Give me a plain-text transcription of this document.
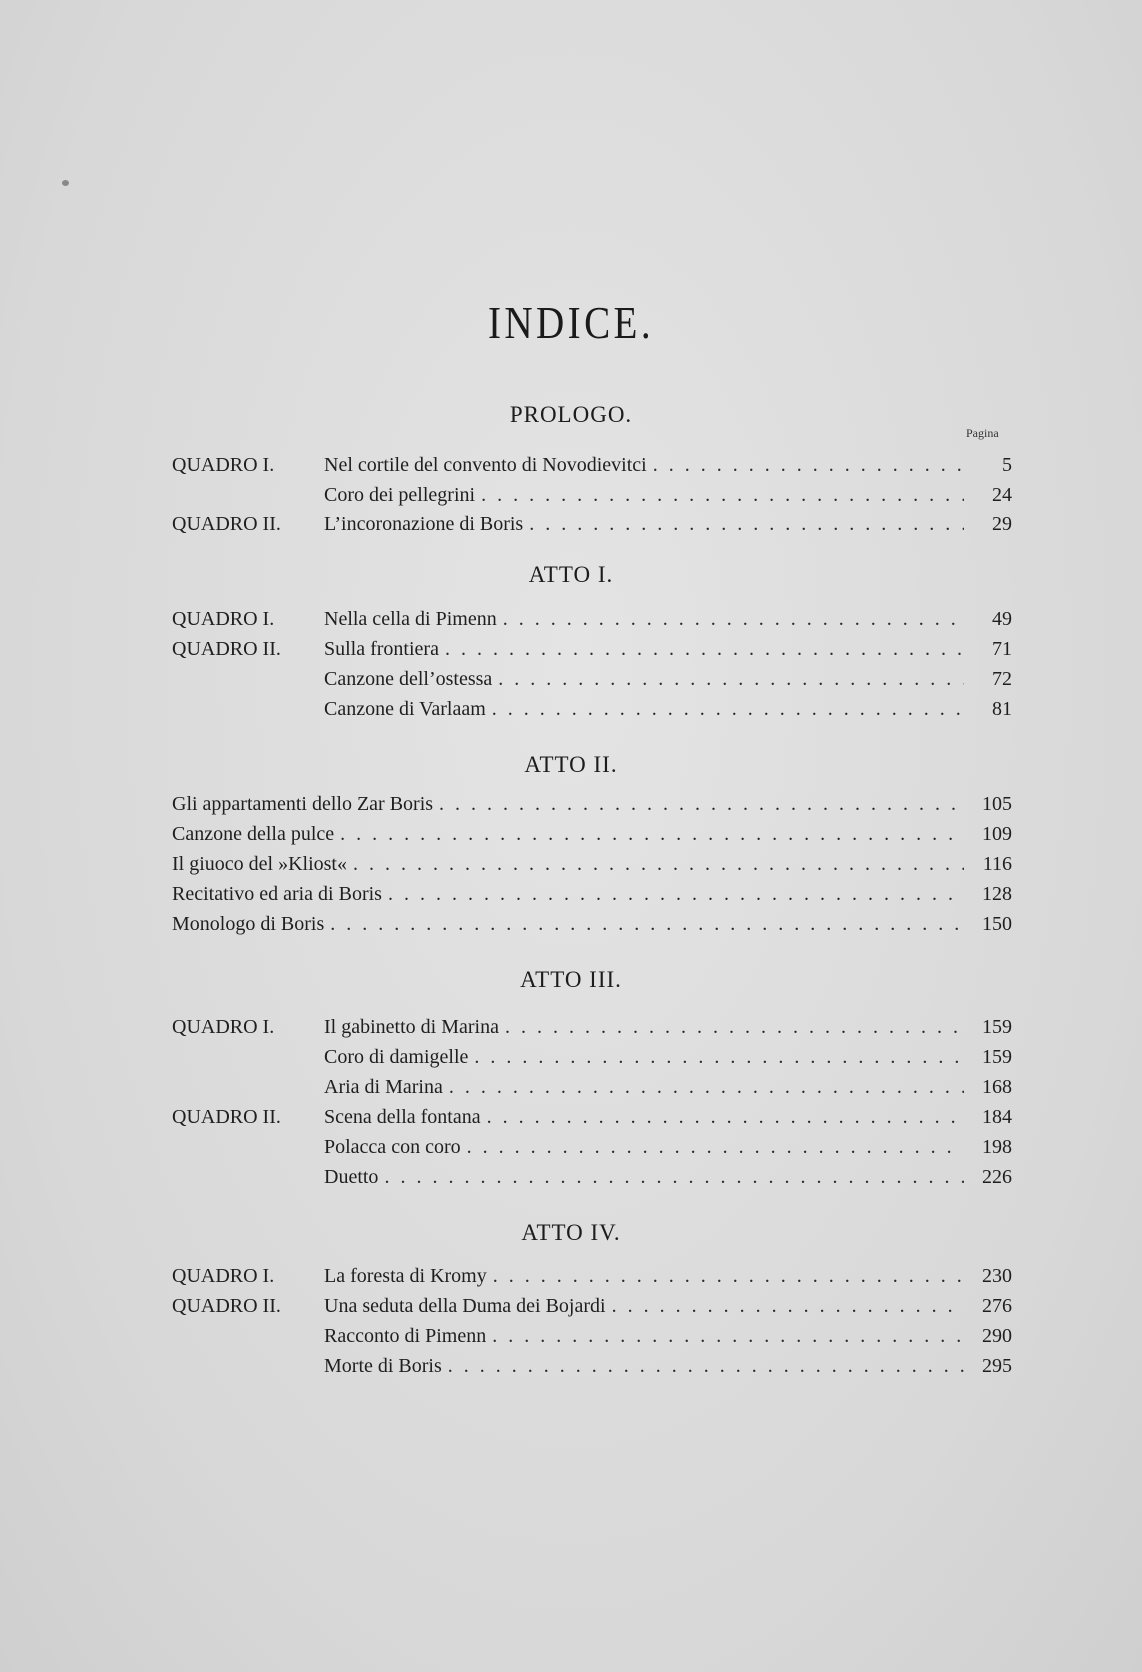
INDICE.
Pagina
PROLOGO.
QUADRO I. Nel cortile del convento di Novodievitci . . .	5
Coro dei pellegrini . . .	24
QUADRO II. L’incoronazione di Boris . . .	29
ATTO I.
QUADRO I. Nella cella di Pimenn . . .	49
QUADRO II. Sulla frontiera . . .	71
Canzone dell’ostessa . . .	72
Canzone di Varlaam . . .	81
ATTO II.
Gli appartamenti dello Zar Boris . . .	105
Canzone della pulce . . .	109
Il giuoco del »Kliost« . . .	116
Recitativo ed aria di Boris . . .	128
Monologo di Boris . . .	150
ATTO III.
QUADRO I. Il gabinetto di Marina . . .	159
Coro di damigelle . . .	159
Aria di Marina . . .	168
QUADRO II. Scena della fontana . . .	184
Polacca con coro . . .	198
Duetto . . .	226
ATTO IV.
QUADRO I. La foresta di Kromy . . .	230
QUADRO II. Una seduta della Duma dei Bojardi . . .	276
Racconto di Pimenn . . .	290
Morte di Boris . . .	295
